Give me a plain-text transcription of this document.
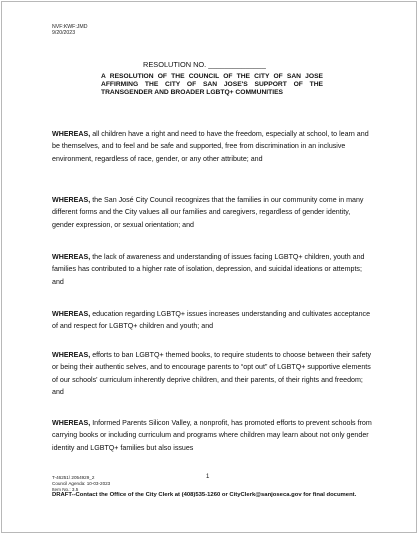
NVF:KWF:JMD
9/20/2023
RESOLUTION NO. ______________
A RESOLUTION OF THE COUNCIL OF THE CITY OF SAN JOSE AFFIRMING THE CITY OF SAN JOSE'S SUPPORT OF THE TRANSGENDER AND BROADER LGBTQ+ COMMUNITIES
WHEREAS, all children have a right and need to have the freedom, especially at school, to learn and be themselves, and to feel and be safe and supported, free from discrimination in an inclusive environment, regardless of race, gender, or any other attribute; and
WHEREAS, the San José City Council recognizes that the families in our community come in many different forms and the City values all our families and caregivers, regardless of gender identity, gender expression, or sexual orientation; and
WHEREAS, the lack of awareness and understanding of issues facing LGBTQ+ children, youth and families has contributed to a higher rate of isolation, depression, and suicidal ideations or attempts; and
WHEREAS, education regarding LGBTQ+ issues increases understanding and cultivates acceptance of and respect for LGBTQ+ children and youth; and
WHEREAS, efforts to ban LGBTQ+ themed books, to require students to choose between their safety or being their authentic selves, and to encourage parents to “opt out” of LGBTQ+ supportive elements of our schools' curriculum inherently deprive children, and their parents, of their rights and freedom; and
WHEREAS, Informed Parents Silicon Valley, a nonprofit, has promoted efforts to prevent schools from carrying books or including curriculum and programs where children may learn about not only gender identity and LGBTQ+ families but also issues
T-46251\ 2054929_2
Council Agenda: 10-03-2023
Item No.: 3.5
1
DRAFT--Contact the Office of the City Clerk at (408)535-1260 or CityClerk@sanjoseca.gov for final document.
